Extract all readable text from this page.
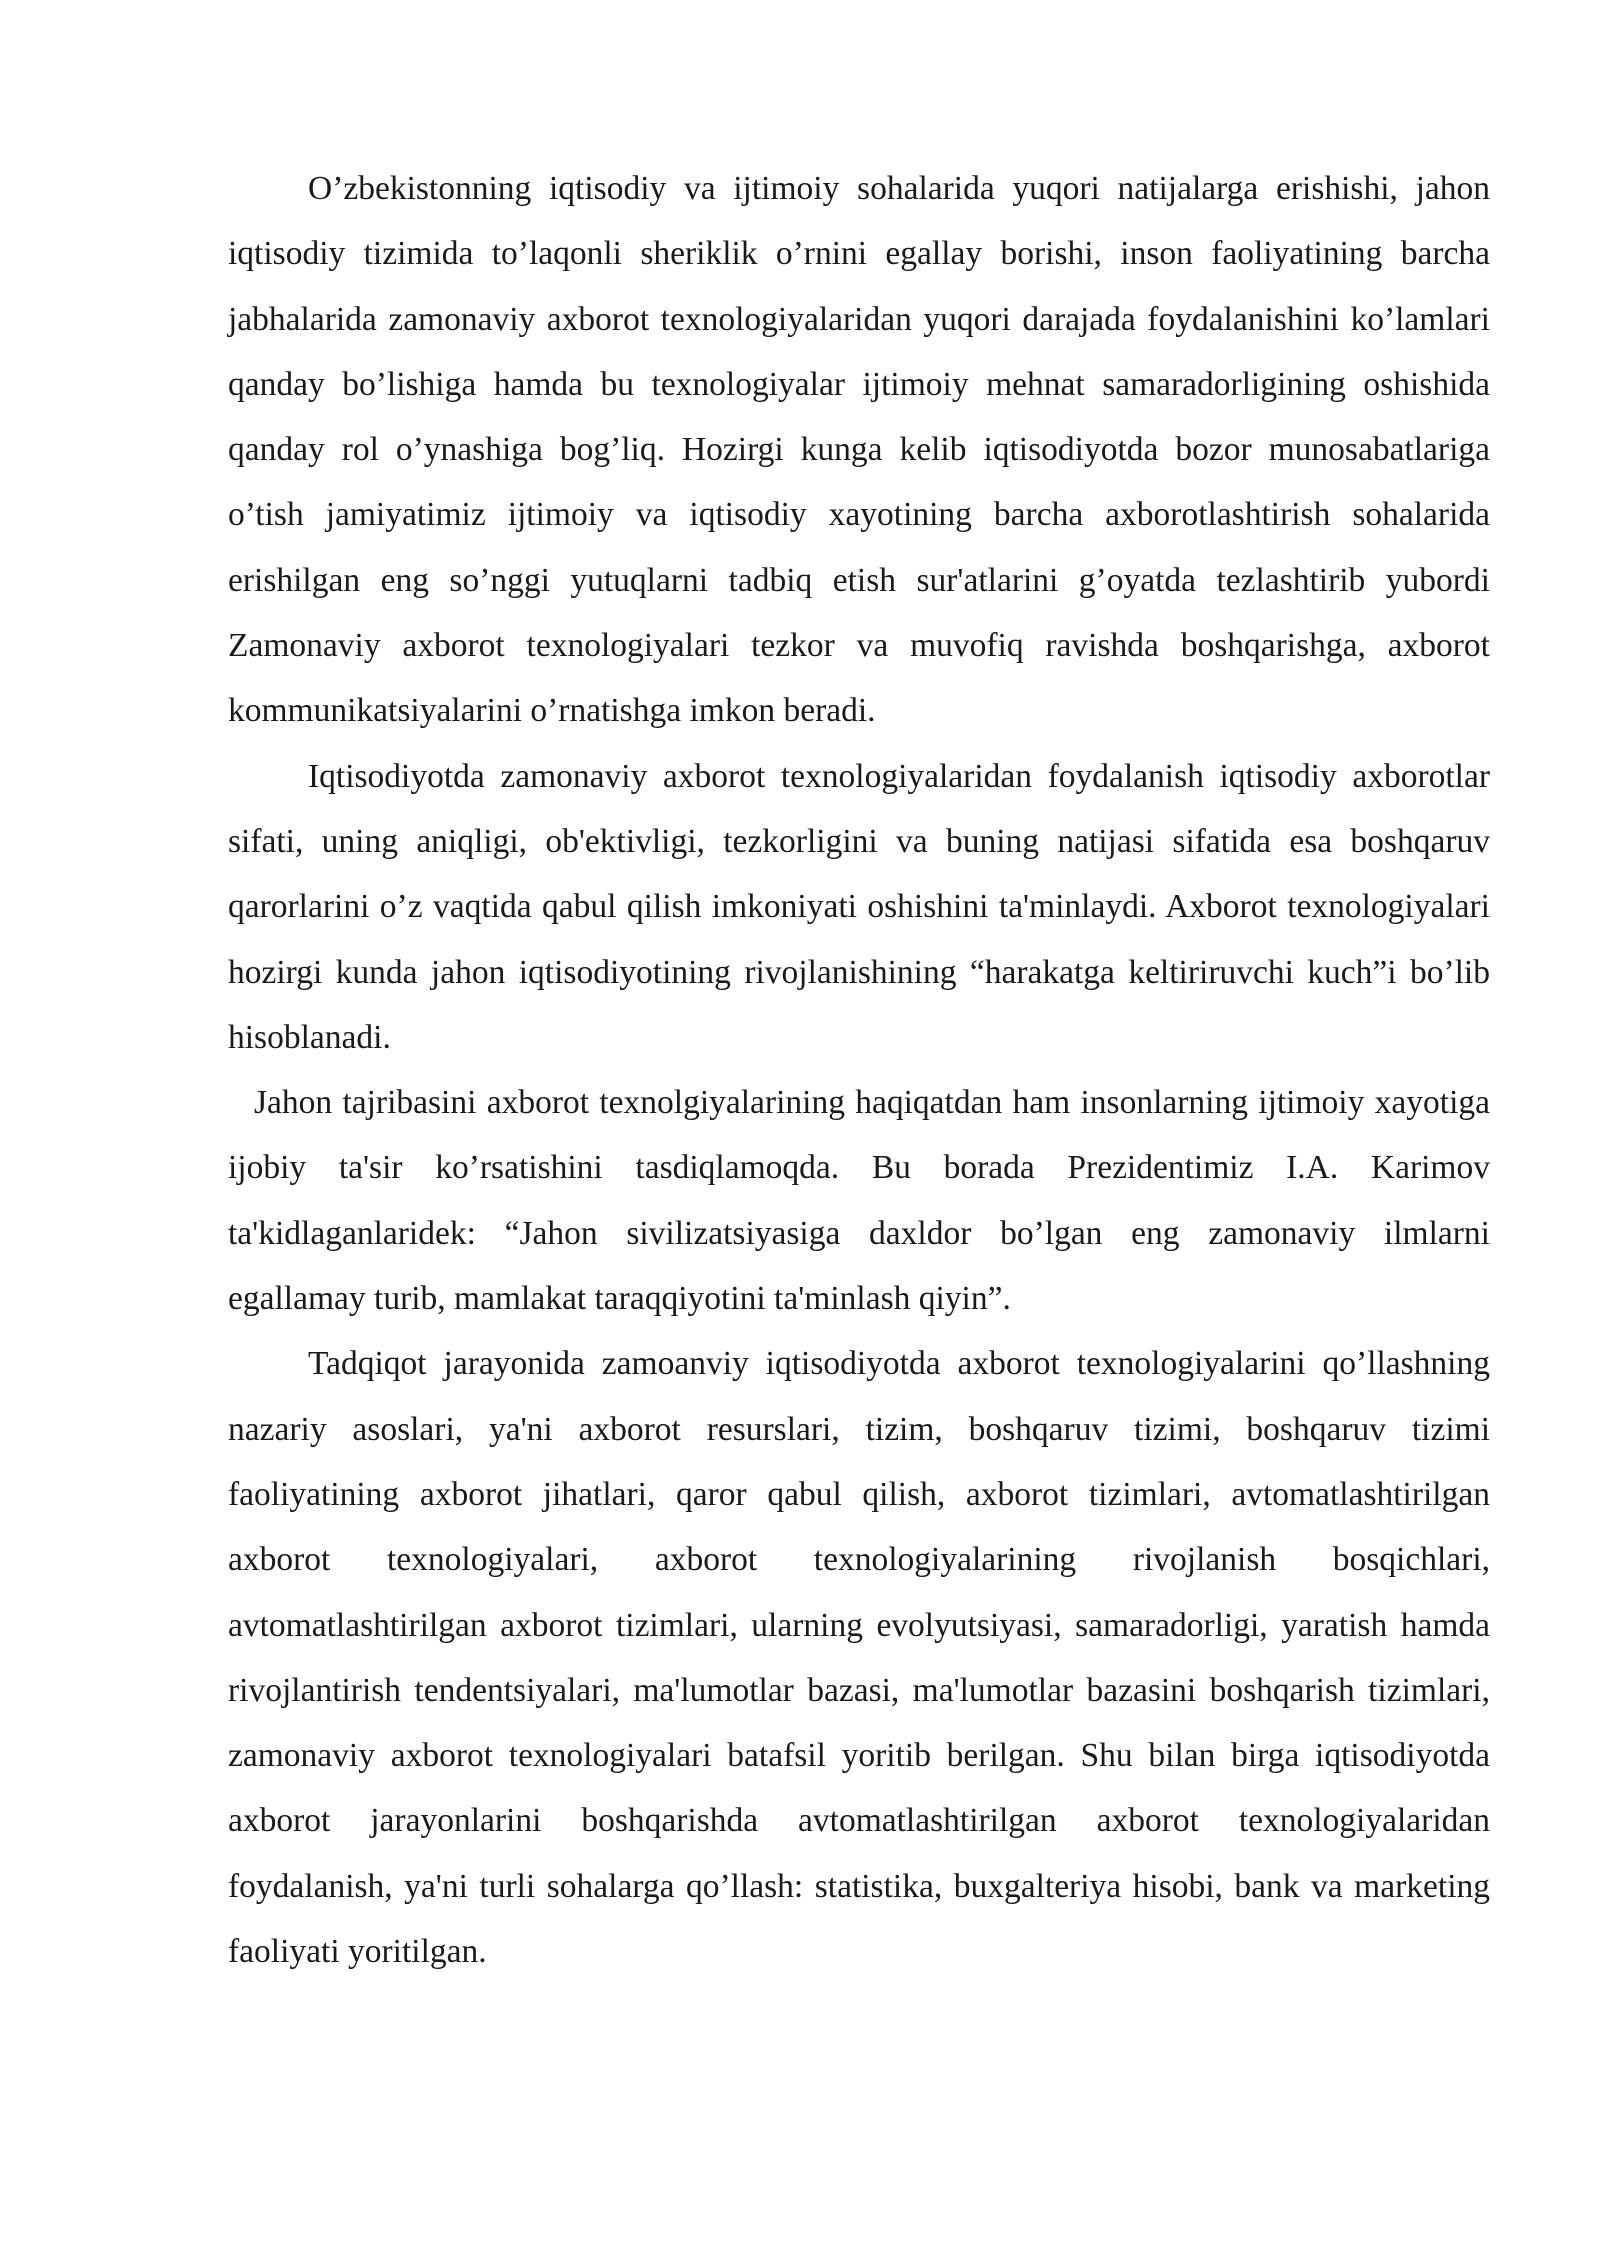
O’zbekistonning iqtisodiy va ijtimoiy sohalarida yuqori natijalarga erishishi, jahon iqtisodiy tizimida to’laqonli sheriklik o’rnini egallay borishi, inson faoliyatining barcha jabhalarida zamonaviy axborot texnologiyalaridan yuqori darajada foydalanishini ko’lamlari qanday bo’lishiga hamda bu texnologiyalar ijtimoiy mehnat samaradorligining oshishida qanday rol o’ynashiga bog’liq. Hozirgi kunga kelib iqtisodiyotda bozor munosabatlariga o’tish jamiyatimiz ijtimoiy va iqtisodiy xayotining barcha axborotlashtirish sohalarida erishilgan eng so’nggi yutuqlarni tadbiq etish sur'atlarini g’oyatda tezlashtirib yubordi Zamonaviy axborot texnologiyalari tezkor va muvofiq ravishda boshqarishga, axborot kommunikatsiyalarini o’rnatishga imkon beradi.

Iqtisodiyotda zamonaviy axborot texnologiyalaridan foydalanish iqtisodiy axborotlar sifati, uning aniqligi, ob'ektivligi, tezkorligini va buning natijasi sifatida esa boshqaruv qarorlarini o’z vaqtida qabul qilish imkoniyati oshishini ta'minlaydi. Axborot texnologiyalari hozirgi kunda jahon iqtisodiyotining rivojlanishining “harakatga keltiriruvchi kuch”i bo’lib hisoblanadi.

Jahon tajribasini axborot texnolgiyalarining haqiqatdan ham insonlarning ijtimoiy xayotiga ijobiy ta'sir ko’rsatishini tasdiqlamoqda. Bu borada Prezidentimiz I.A. Karimov ta'kidlaganlaridek: “Jahon sivilizatsiyasiga daxldor bo’lgan eng zamonaviy ilmlarni egallamay turib, mamlakat taraqqiyotini ta'minlash qiyin”.

Tadqiqot jarayonida zamoanviy iqtisodiyotda axborot texnologiyalarini qo’llashning nazariy asoslari, ya'ni axborot resurslari, tizim, boshqaruv tizimi, boshqaruv tizimi faoliyatining axborot jihatlari, qaror qabul qilish, axborot tizimlari, avtomatlashtirilgan axborot texnologiyalari, axborot texnologiyalarining rivojlanish bosqichlari, avtomatlashtirilgan axborot tizimlari, ularning evolyutsiyasi, samaradorligi, yaratish hamda rivojlantirish tendentsiyalari, ma'lumotlar bazasi, ma'lumotlar bazasini boshqarish tizimlari, zamonaviy axborot texnologiyalari batafsil yoritib berilgan. Shu bilan birga iqtisodiyotda axborot jarayonlarini boshqarishda avtomatlashtirilgan axborot texnologiyalaridan foydalanish, ya'ni turli sohalarga qo’llash: statistika, buxgalteriya hisobi, bank va marketing faoliyati yoritilgan.
